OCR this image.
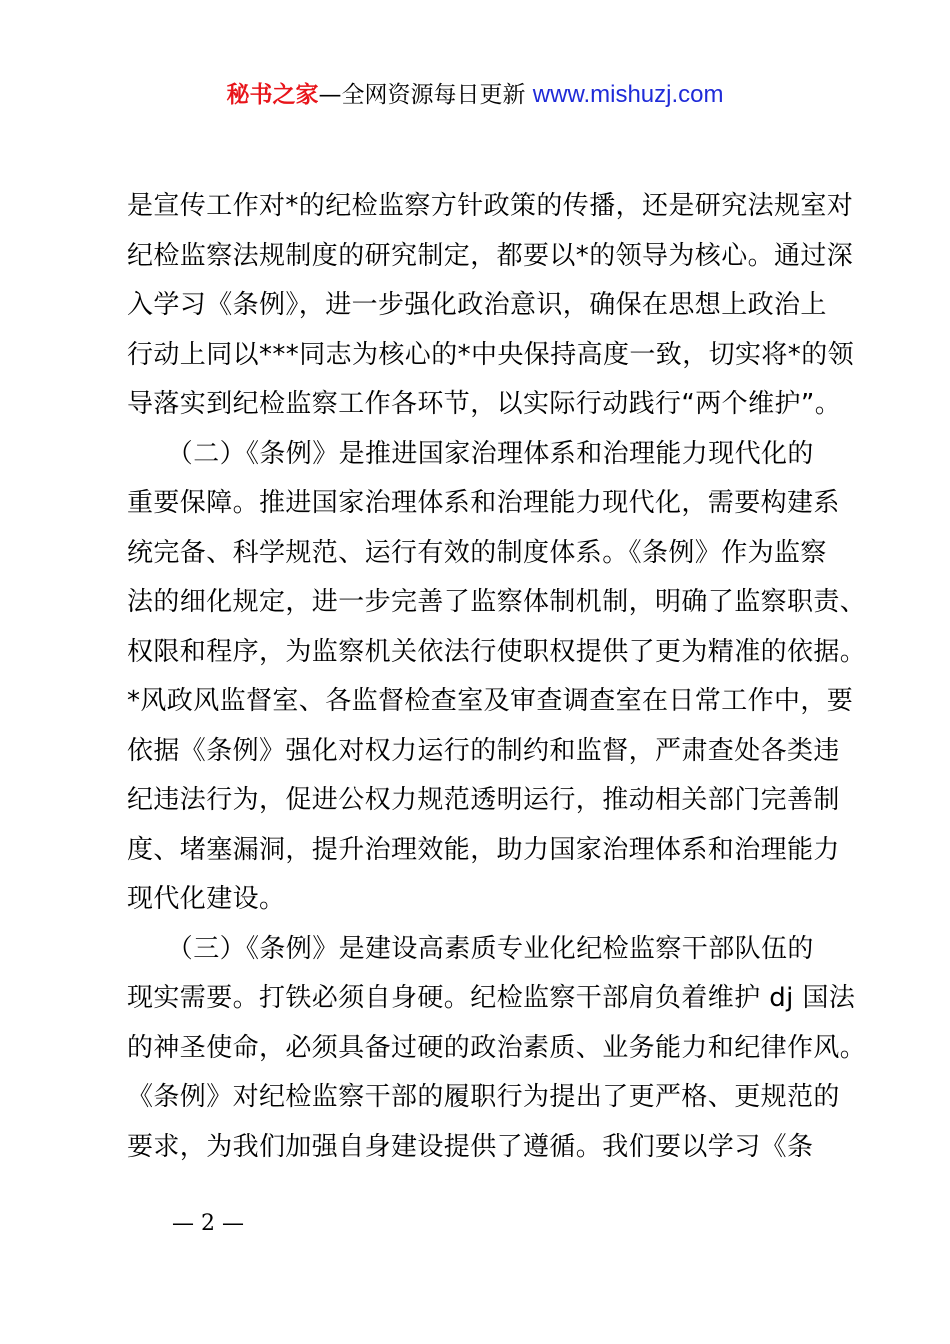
秘书之家—全网资源每日更新 www.mishuzj.com
是宣传工作对*的纪检监察方针政策的传播，还是研究法规室对
纪检监察法规制度的研究制定，都要以*的领导为核心。通过深
入学习《条例》，进一步强化政治意识，确保在思想上政治上
行动上同以***同志为核心的*中央保持高度一致，切实将*的领
导落实到纪检监察工作各环节，以实际行动践行“两个维护”。
　　（二）《条例》是推进国家治理体系和治理能力现代化的
重要保障。推进国家治理体系和治理能力现代化，需要构建系
统完备、科学规范、运行有效的制度体系。《条例》作为监察
法的细化规定，进一步完善了监察体制机制，明确了监察职责、
权限和程序，为监察机关依法行使职权提供了更为精准的依据。
*风政风监督室、各监督检查室及审查调查室在日常工作中，要
依据《条例》强化对权力运行的制约和监督，严肃查处各类违
纪违法行为，促进公权力规范透明运行，推动相关部门完善制
度、堵塞漏洞，提升治理效能，助力国家治理体系和治理能力
现代化建设。
　　（三）《条例》是建设高素质专业化纪检监察干部队伍的
现实需要。打铁必须自身硬。纪检监察干部肩负着维护 dj 国法
的神圣使命，必须具备过硬的政治素质、业务能力和纪律作风。
《条例》对纪检监察干部的履职行为提出了更严格、更规范的
要求，为我们加强自身建设提供了遵循。我们要以学习《条
— 2 —
